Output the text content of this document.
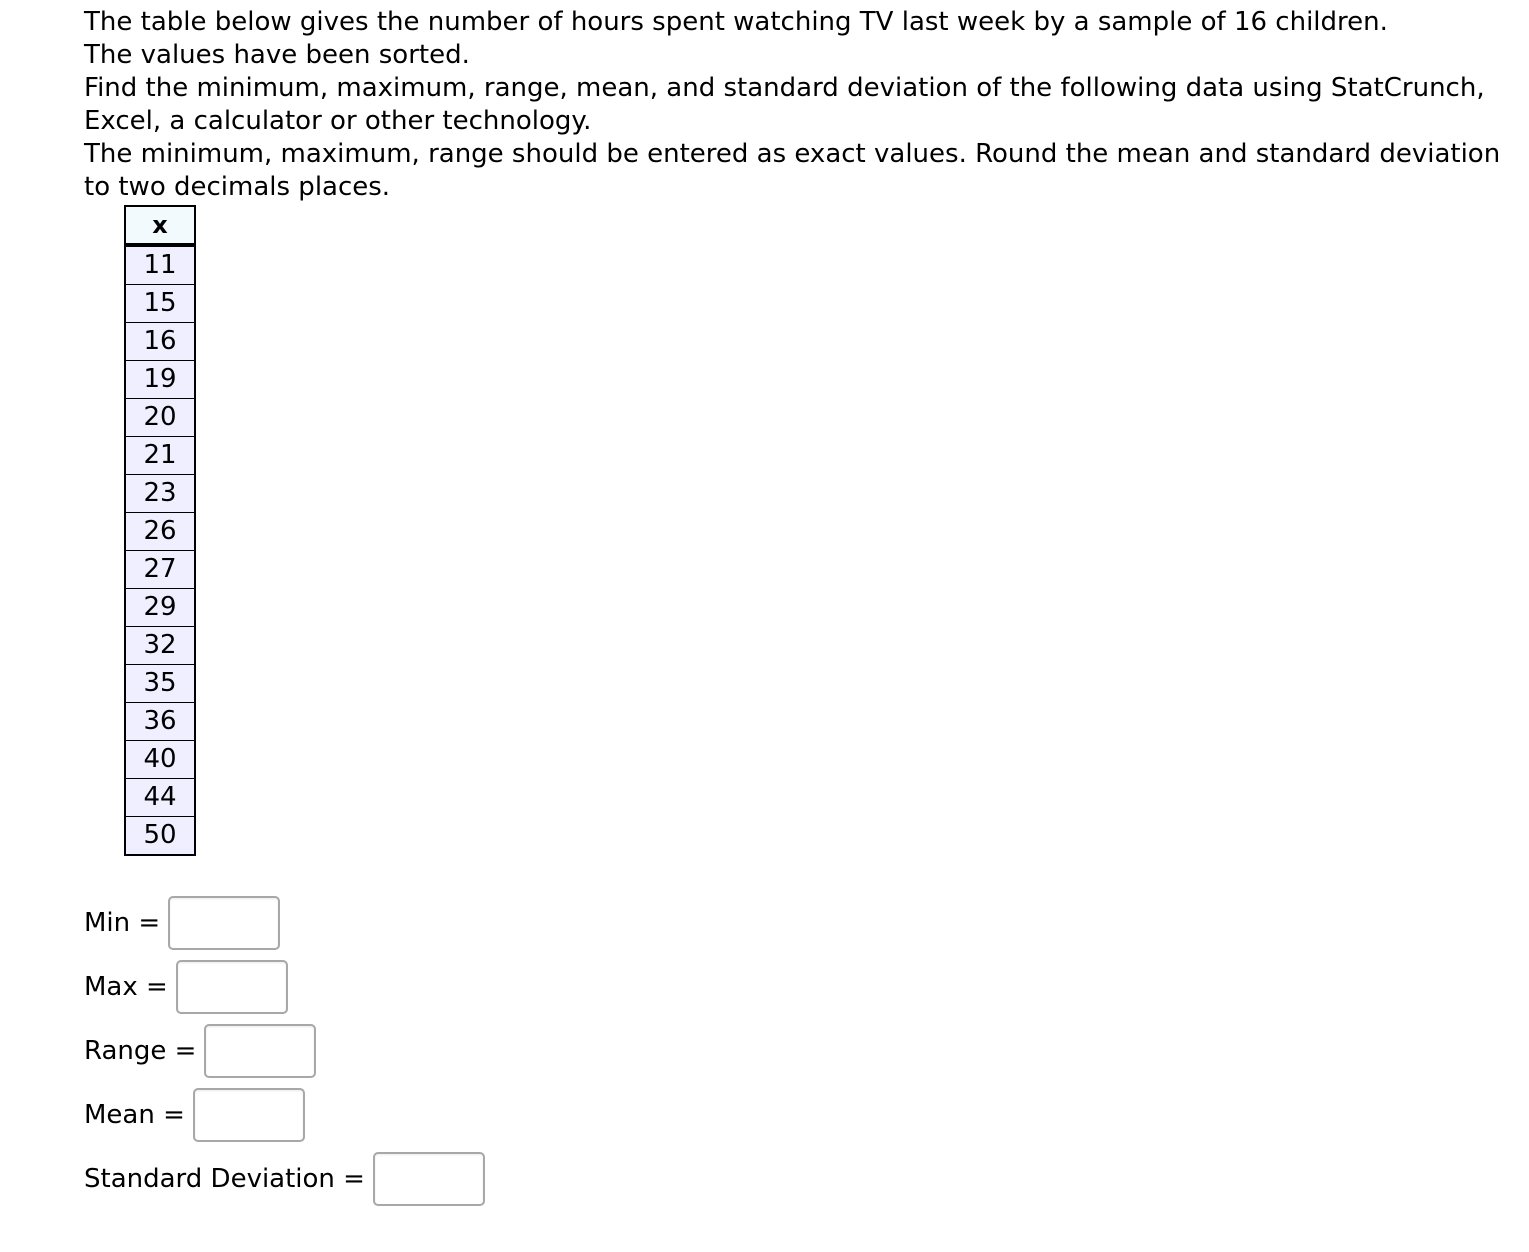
The table below gives the number of hours spent watching TV last week by a sample of 16 children.

The values have been sorted.

Find the minimum, maximum, range, mean, and standard deviation of the following data using StatCrunch, Excel, a calculator or other technology.

The minimum, maximum, range should be entered as exact values. Round the mean and standard deviation to two decimals places.

x
11
15
16
19
20
21
23
26
27
29
32
35
36
40
44
50
Min =
Max =
Range =
Mean =
Standard Deviation =
